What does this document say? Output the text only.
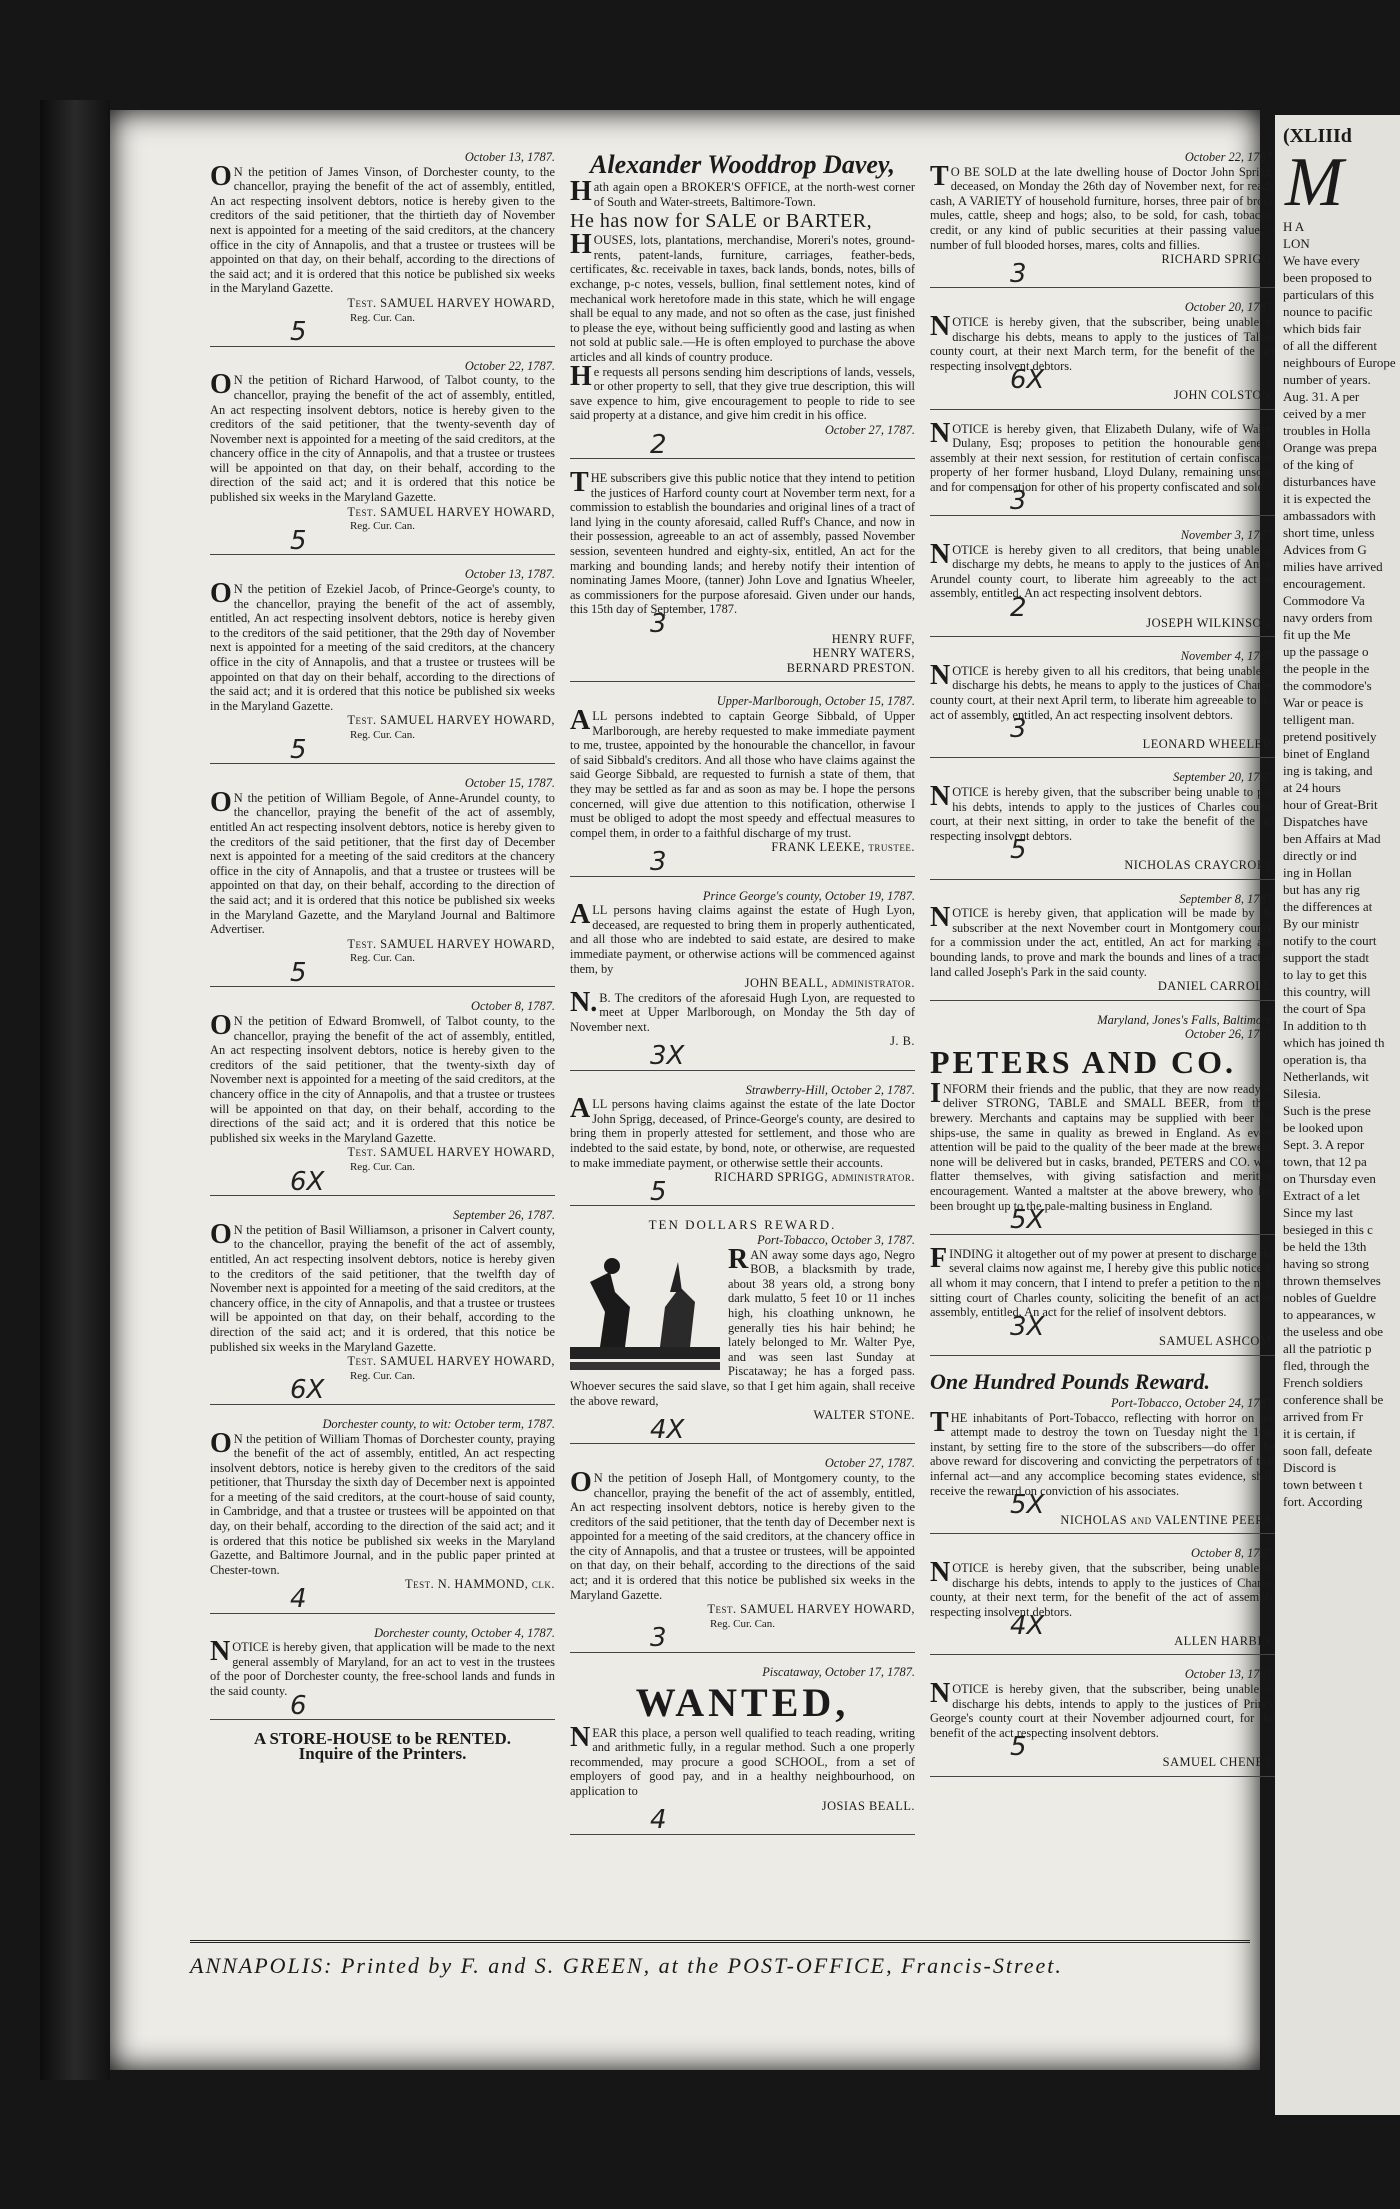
October 13, 1787.
ON the petition of James Vinson, of Dorchester county, to the chancellor, praying the benefit of the act of assembly, entitled, An act respecting insolvent debtors, notice is hereby given to the creditors of the said petitioner, that the thirtieth day of November next is appointed for a meeting of the said creditors, at the chancery office in the city of Annapolis, and that a trustee or trustees will be appointed on that day, on their behalf, according to the directions of the said act; and it is ordered that this notice be published six weeks in the Maryland Gazette.
Test. SAMUEL HARVEY HOWARD,
Reg. Cur. Can.
5
October 22, 1787.
ON the petition of Richard Harwood, of Talbot county, to the chancellor, praying the benefit of the act of assembly, entitled, An act respecting insolvent debtors, notice is hereby given to the creditors of the said petitioner, that the twenty-seventh day of November next is appointed for a meeting of the said creditors, at the chancery office in the city of Annapolis, and that a trustee or trustees will be appointed on that day, on their behalf, according to the direction of the said act; and it is ordered that this notice be published six weeks in the Maryland Gazette.
Test. SAMUEL HARVEY HOWARD,
Reg. Cur. Can.
5
October 13, 1787.
ON the petition of Ezekiel Jacob, of Prince-George's county, to the chancellor, praying the benefit of the act of assembly, entitled, An act respecting insolvent debtors, notice is hereby given to the creditors of the said petitioner, that the 29th day of November next is appointed for a meeting of the said creditors, at the chancery office in the city of Annapolis, and that a trustee or trustees will be appointed on that day on their behalf, according to the directions of the said act; and it is ordered that this notice be published six weeks in the Maryland Gazette.
Test. SAMUEL HARVEY HOWARD,
Reg. Cur. Can.
5
October 15, 1787.
ON the petition of William Begole, of Anne-Arundel county, to the chancellor, praying the benefit of the act of assembly, entitled An act respecting insolvent debtors, notice is hereby given to the creditors of the said petitioner, that the first day of December next is appointed for a meeting of the said creditors at the chancery office in the city of Annapolis, and that a trustee or trustees will be appointed on that day, on their behalf, according to the direction of the said act; and it is ordered that this notice be published six weeks in the Maryland Gazette, and the Maryland Journal and Baltimore Advertiser.
Test. SAMUEL HARVEY HOWARD,
Reg. Cur. Can.
5
October 8, 1787.
ON the petition of Edward Bromwell, of Talbot county, to the chancellor, praying the benefit of the act of assembly, entitled, An act respecting insolvent debtors, notice is hereby given to the creditors of the said petitioner, that the twenty-sixth day of November next is appointed for a meeting of the said creditors, at the chancery office in the city of Annapolis, and that a trustee or trustees will be appointed on that day, on their behalf, according to the directions of the said act; and it is ordered that this notice be published six weeks in the Maryland Gazette.
Test. SAMUEL HARVEY HOWARD,
Reg. Cur. Can.
6X
September 26, 1787.
ON the petition of Basil Williamson, a prisoner in Calvert county, to the chancellor, praying the benefit of the act of assembly, entitled, An act respecting insolvent debtors, notice is hereby given to the creditors of the said petitioner, that the twelfth day of November next is appointed for a meeting of the said creditors, at the chancery office, in the city of Annapolis, and that a trustee or trustees will be appointed on that day, on their behalf, according to the direction of the said act; and it is ordered, that this notice be published six weeks in the Maryland Gazette.
Test. SAMUEL HARVEY HOWARD,
Reg. Cur. Can.
6X
Dorchester county, to wit: October term, 1787.
ON the petition of William Thomas of Dorchester county, praying the benefit of the act of assembly, entitled, An act respecting insolvent debtors, notice is hereby given to the creditors of the said petitioner, that Thursday the sixth day of December next is appointed for a meeting of the said creditors, at the court-house of said county, in Cambridge, and that a trustee or trustees will be appointed on that day, on their behalf, according to the direction of the said act; and it is ordered that this notice be published six weeks in the Maryland Gazette, and Baltimore Journal, and in the public paper printed at Chester-town.
Test. N. HAMMOND, clk.
4
Dorchester county, October 4, 1787.
NOTICE is hereby given, that application will be made to the next general assembly of Maryland, for an act to vest in the trustees of the poor of Dorchester county, the free-school lands and funds in the said county. 6
A STORE-HOUSE to be RENTED.
Inquire of the Printers.
Alexander Wooddrop Davey,
Hath again open a BROKER'S OFFICE, at the north-west corner of South and Water-streets, Baltimore-Town.
He has now for SALE or BARTER,
HOUSES, lots, plantations, merchandise, Moreri's notes, ground-rents, patent-lands, furniture, carriages, feather-beds, certificates, &c. receivable in taxes, back lands, bonds, notes, bills of exchange, p-c notes, vessels, bullion, final settlement notes, kind of mechanical work heretofore made in this state, which he will engage shall be equal to any made, and not so often as the case, just finished to please the eye, without being sufficiently good and lasting as when not sold at public sale.—He is often employed to purchase the above articles and all kinds of country produce.
He requests all persons sending him descriptions of lands, vessels, or other property to sell, that they give true description, this will save expence to him, give encouragement to people to ride to see said property at a distance, and give him credit in his office.
October 27, 1787.
2
THE subscribers give this public notice that they intend to petition the justices of Harford county court at November term next, for a commission to establish the boundaries and original lines of a tract of land lying in the county aforesaid, called Ruff's Chance, and now in their possession, agreeable to an act of assembly, passed November session, seventeen hundred and eighty-six, entitled, An act for the marking and bounding lands; and hereby notify their intention of nominating James Moore, (tanner) John Love and Ignatius Wheeler, as commissioners for the purpose aforesaid. Given under our hands, this 15th day of September, 1787.
3	HENRY RUFF,
HENRY WATERS,
BERNARD PRESTON.
Upper-Marlborough, October 15, 1787.
ALL persons indebted to captain George Sibbald, of Upper Marlborough, are hereby requested to make immediate payment to me, trustee, appointed by the honourable the chancellor, in favour of said Sibbald's creditors. And all those who have claims against the said George Sibbald, are requested to furnish a state of them, that they may be settled as far and as soon as may be. I hope the persons concerned, will give due attention to this notification, otherwise I must be obliged to adopt the most speedy and effectual measures to compel them, in order to a faithful discharge of my trust.
FRANK LEEKE, trustee.
3
Prince George's county, October 19, 1787.
ALL persons having claims against the estate of Hugh Lyon, deceased, are requested to bring them in properly authenticated, and all those who are indebted to said estate, are desired to make immediate payment, or otherwise actions will be commenced against them, by
JOHN BEALL, administrator.
N.B. The creditors of the aforesaid Hugh Lyon, are requested to meet at Upper Marlborough, on Monday the 5th day of November next.
J. B.
3X
Strawberry-Hill, October 2, 1787.
ALL persons having claims against the estate of the late Doctor John Sprigg, deceased, of Prince-George's county, are desired to bring them in properly attested for settlement, and those who are indebted to the said estate, by bond, note, or otherwise, are requested to make immediate payment, or otherwise settle their accounts.
RICHARD SPRIGG, administrator.
5
TEN DOLLARS REWARD.
Port-Tobacco, October 3, 1787.
RAN away some days ago, Negro BOB, a blacksmith by trade, about 38 years old, a strong bony dark mulatto, 5 feet 10 or 11 inches high, his cloathing unknown, he generally ties his hair behind; he lately belonged to Mr. Walter Pye, and was seen last Sunday at Piscataway; he has a forged pass. Whoever secures the said slave, so that I get him again, shall receive the above reward,
WALTER STONE.
4X
October 27, 1787.
ON the petition of Joseph Hall, of Montgomery county, to the chancellor, praying the benefit of the act of assembly, entitled, An act respecting insolvent debtors, notice is hereby given to the creditors of the said petitioner, that the tenth day of December next is appointed for a meeting of the said creditors, at the chancery office in the city of Annapolis, and that a trustee or trustees, will be appointed on that day, on their behalf, according to the directions of the said act; and it is ordered that this notice be published six weeks in the Maryland Gazette.
Test. SAMUEL HARVEY HOWARD,
Reg. Cur. Can.
3
Piscataway, October 17, 1787.
WANTED,
NEAR this place, a person well qualified to teach reading, writing and arithmetic fully, in a regular method. Such a one properly recommended, may procure a good SCHOOL, from a set of employers of good pay, and in a healthy neighbourhood, on application to
JOSIAS BEALL.
4
October 22, 1787.
TO BE SOLD at the late dwelling house of Doctor John Sprigg, deceased, on Monday the 26th day of November next, for ready cash, A VARIETY of household furniture, horses, three pair of broke mules, cattle, sheep and hogs; also, to be sold, for cash, tobacco, credit, or any kind of public securities at their passing value, a number of full blooded horses, mares, colts and fillies.
RICHARD SPRIGG.
3
October 20, 1787.
NOTICE is hereby given, that the subscriber, being unable to discharge his debts, means to apply to the justices of Talbot county court, at their next March term, for the benefit of the act respecting insolvent debtors.
6X	JOHN COLSTON.
NOTICE is hereby given, that Elizabeth Dulany, wife of Walter Dulany, Esq; proposes to petition the honourable general assembly at their next session, for restitution of certain confiscated property of her former husband, Lloyd Dulany, remaining unsold, and for compensation for other of his property confiscated and sold.
3
November 3, 1787.
NOTICE is hereby given to all creditors, that being unable to discharge my debts, he means to apply to the justices of Anne-Arundel county court, to liberate him agreeably to the act of assembly, entitled, An act respecting insolvent debtors.
2	JOSEPH WILKINSON.
November 4, 1787.
NOTICE is hereby given to all his creditors, that being unable to discharge his debts, he means to apply to the justices of Charles county court, at their next April term, to liberate him agreeable to the act of assembly, entitled, An act respecting insolvent debtors.
3	LEONARD WHEELER.
September 20, 1787.
NOTICE is hereby given, that the subscriber being unable to pay his debts, intends to apply to the justices of Charles county court, at their next sitting, in order to take the benefit of the act respecting insolvent debtors.
5	NICHOLAS CRAYCROFT.
September 8, 1787.
NOTICE is hereby given, that application will be made by the subscriber at the next November court in Montgomery county, for a commission under the act, entitled, An act for marking and bounding lands, to prove and mark the bounds and lines of a tract of land called Joseph's Park in the said county.
DANIEL CARROLL.
Maryland, Jones's Falls, Baltimore,
October 26, 1787.
PETERS AND CO.
INFORM their friends and the public, that they are now ready to deliver STRONG, TABLE and SMALL BEER, from their brewery. Merchants and captains may be supplied with beer for ships-use, the same in quality as brewed in England. As every attention will be paid to the quality of the beer made at the brewery, none will be delivered but in casks, branded, PETERS and CO. who flatter themselves, with giving satisfaction and meriting encouragement. Wanted a maltster at the above brewery, who has been brought up to the pale-malting business in England.
5X
FINDING it altogether out of my power at present to discharge the several claims now against me, I hereby give this public notice to all whom it may concern, that I intend to prefer a petition to the next sitting court of Charles county, soliciting the benefit of an act of assembly, entitled, An act for the relief of insolvent debtors.
3X	SAMUEL ASHCOM.
One Hundred Pounds Reward.
Port-Tobacco, October 24, 1787.
THE inhabitants of Port-Tobacco, reflecting with horror on the attempt made to destroy the town on Tuesday night the 16th instant, by setting fire to the store of the subscribers—do offer the above reward for discovering and convicting the perpetrators of that infernal act—and any accomplice becoming states evidence, shall receive the reward on conviction of his associates.
5X	NICHOLAS and VALENTINE PEERS.
October 8, 1787.
NOTICE is hereby given, that the subscriber, being unable to discharge his debts, intends to apply to the justices of Charles county, at their next term, for the benefit of the act of assembly respecting insolvent debtors.
4X	ALLEN HARBIN.
October 13, 1787.
NOTICE is hereby given, that the subscriber, being unable to discharge his debts, intends to apply to the justices of Prince George's county court at their November adjourned court, for the benefit of the act respecting insolvent debtors.
5	SAMUEL CHENEY.
ANNAPOLIS: Printed by F. and S. GREEN, at the POST-OFFICE, Francis-Street.
(XLIIId
M
H A
LON
We have every
been proposed to
particulars of this
nounce to pacific
which bids fair
of all the different
neighbours of Europe
number of years.
Aug. 31. A per
ceived by a mer
troubles in Holla
Orange was prepa
of the king of
disturbances have
it is expected the
ambassadors with
short time, unless
Advices from G
milies have arrived
encouragement.
Commodore Va
navy orders from
fit up the Me
up the passage o
the people in the
the commodore's
War or peace is
telligent man.
pretend positively
binet of England
ing is taking, and
at 24 hours
hour of Great-Brit
Dispatches have
ben Affairs at Mad
directly or ind
ing in Hollan
but has any rig
the differences at
By our ministr
notify to the court
support the stadt
to lay to get this
this country, will
the court of Spa
In addition to th
which has joined th
operation is, tha
Netherlands, wit
Silesia.
Such is the prese
be looked upon
Sept. 3. A repor
town, that 12 pa
on Thursday even
Extract of a let
Since my last
besieged in this c
be held the 13th
having so strong
thrown themselves
nobles of Gueldre
to appearances, w
the useless and obe
all the patriotic p
fled, through the
French soldiers
conference shall be
arrived from Fr
it is certain, if
soon fall, defeate
Discord is
town between t
fort. According
